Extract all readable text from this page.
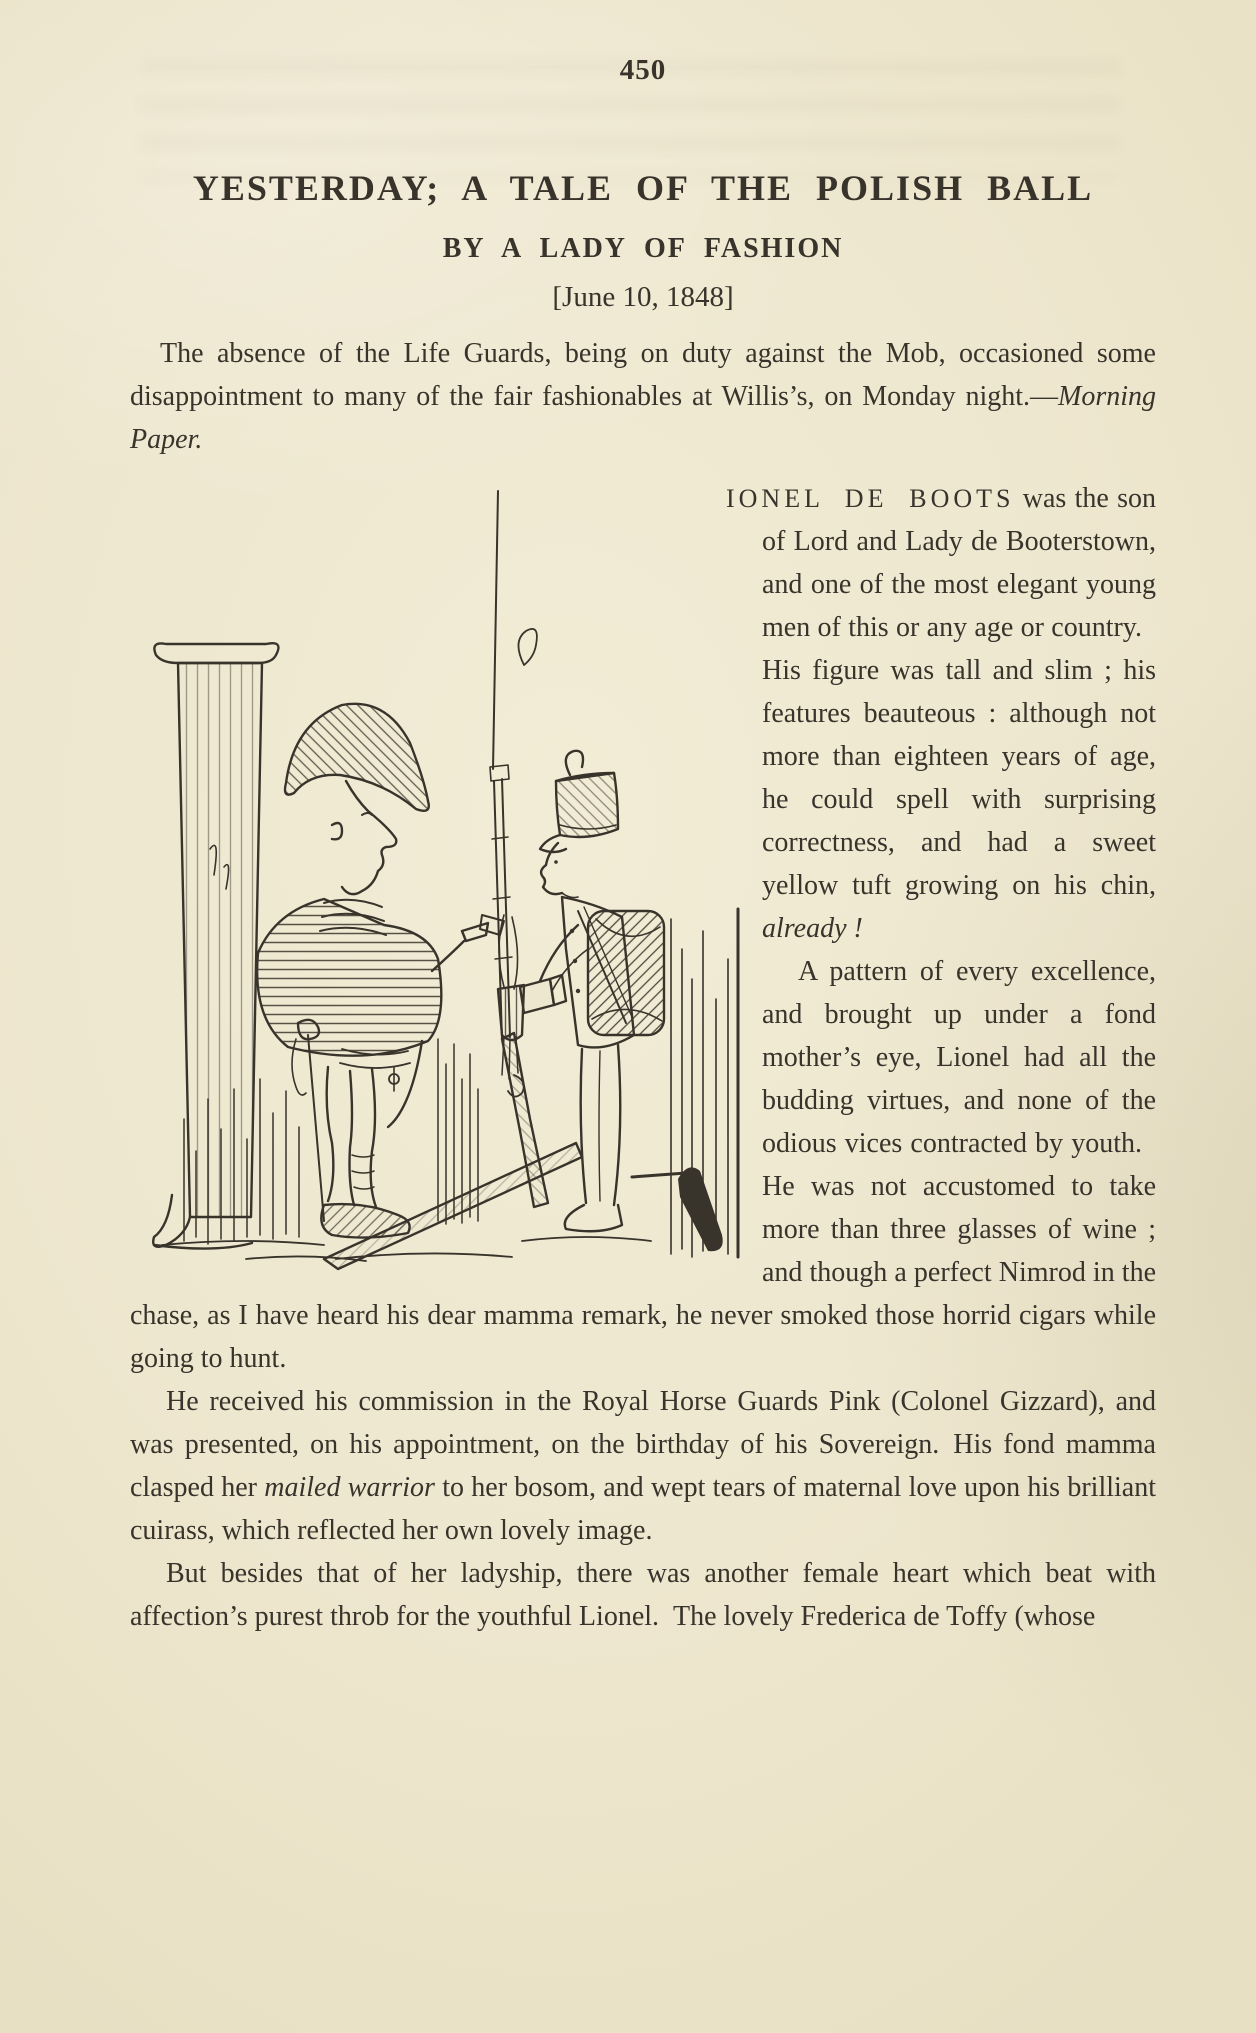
450
YESTERDAY; A TALE OF THE POLISH BALL
BY A LADY OF FASHION
[June 10, 1848]
The absence of the Life Guards, being on duty against the Mob, occasioned some disappointment to many of the fair fashionables at Willis’s, on Monday night.—Morning Paper.

IONEL DE BOOTS was the son of Lord and Lady de Booterstown, and one of the most elegant young men of this or any age or country. His figure was tall and slim ; his features beauteous : although not more than eighteen years of age, he could spell with surprising correctness, and had a sweet yellow tuft growing on his chin, already !

A pattern of every excellence, and brought up under a fond mother’s eye, Lionel had all the budding virtues, and none of the odious vices contracted by youth. He was not accustomed to take more than three glasses of wine ; and though a perfect Nimrod in the chase, as I have heard his dear mamma remark, he never smoked those horrid cigars while going to hunt.

He received his commission in the Royal Horse Guards Pink (Colonel Gizzard), and was presented, on his appointment, on the birthday of his Sovereign. His fond mamma clasped her mailed warrior to her bosom, and wept tears of maternal love upon his brilliant cuirass, which reflected her own lovely image.

But besides that of her ladyship, there was another female heart which beat with affection’s purest throb for the youthful Lionel. The lovely Frederica de Toffy (whose
